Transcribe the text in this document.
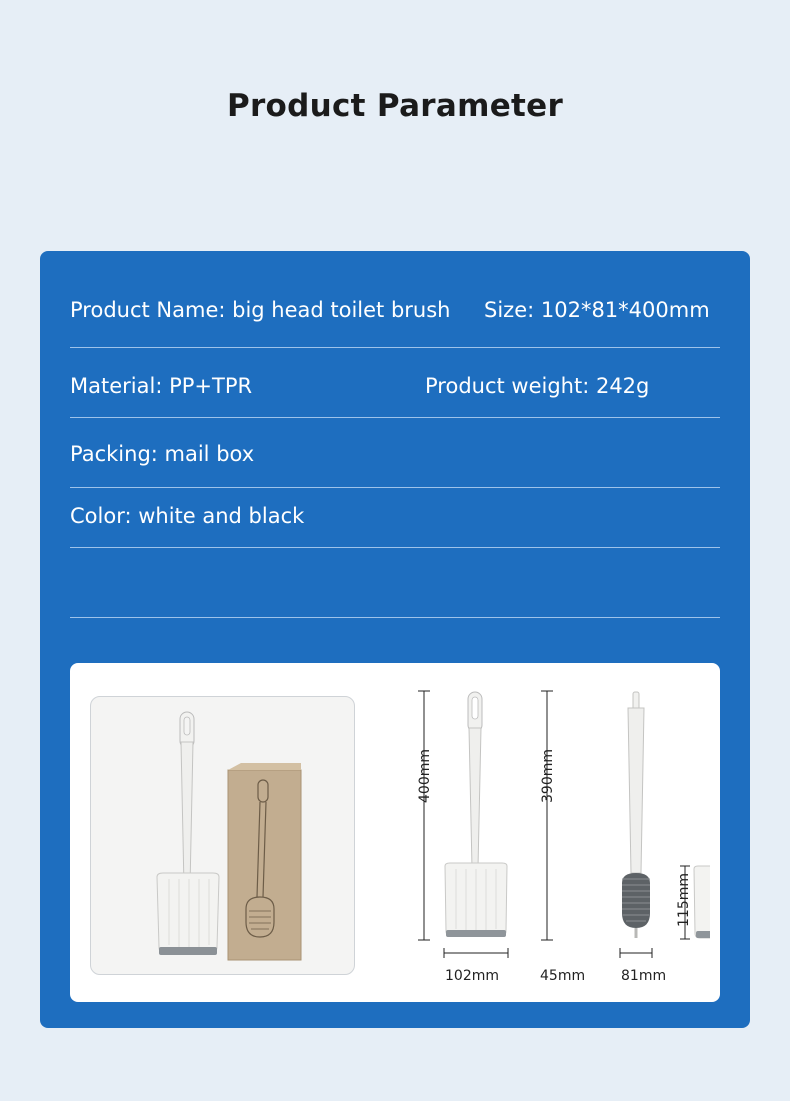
Product Parameter
Product Name: big head toilet brush Size: 102*81*400mm
Material: PP+TPR	Product weight: 242g
Packing: mail box
Color: white and black
400mm	390mm
115mm
102mm	45mm	81mm
